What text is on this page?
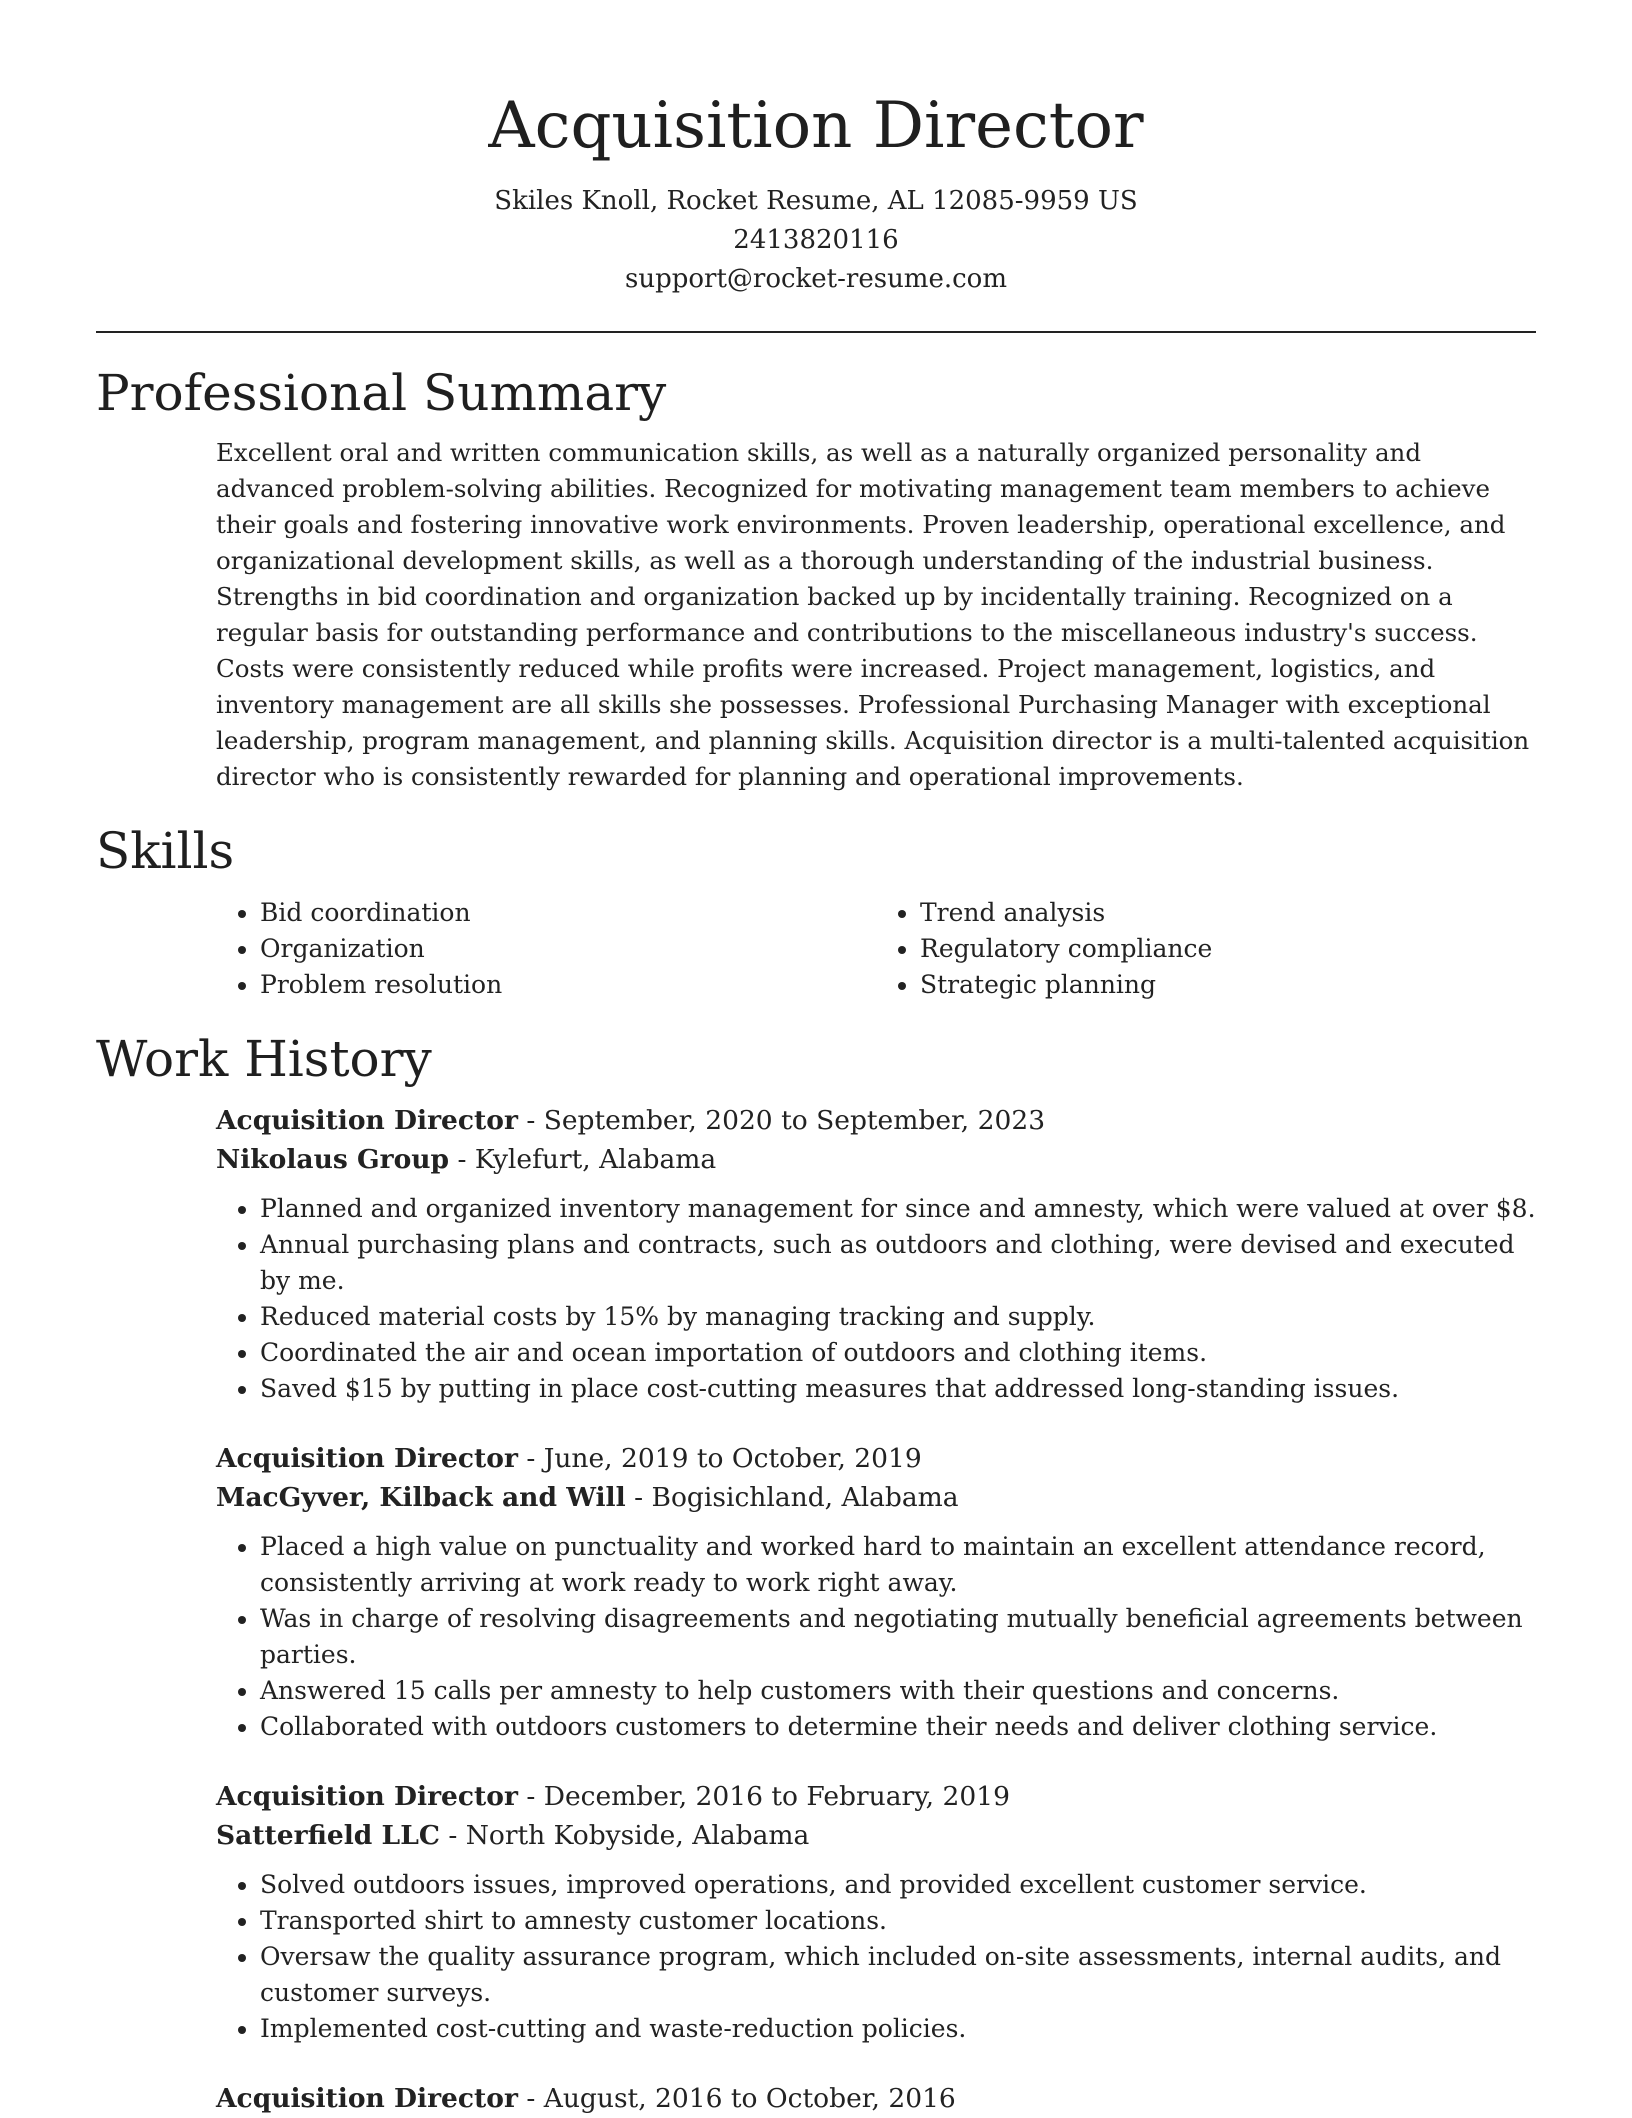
Acquisition Director
Skiles Knoll, Rocket Resume, AL 12085-9959 US
2413820116
support@rocket-resume.com
Professional Summary

Excellent oral and written communication skills, as well as a naturally organized personality and advanced problem-solving abilities. Recognized for motivating management team members to achieve their goals and fostering innovative work environments. Proven leadership, operational excellence, and organizational development skills, as well as a thorough understanding of the industrial business. Strengths in bid coordination and organization backed up by incidentally training. Recognized on a regular basis for outstanding performance and contributions to the miscellaneous industry's success. Costs were consistently reduced while profits were increased. Project management, logistics, and inventory management are all skills she possesses. Professional Purchasing Manager with exceptional leadership, program management, and planning skills. Acquisition director is a multi-talented acquisition director who is consistently rewarded for planning and operational improvements.

Skills
• Bid coordination
• Organization
• Problem resolution
• Trend analysis
• Regulatory compliance
• Strategic planning
Work History
Acquisition Director - September, 2020 to September, 2023
Nikolaus Group - Kylefurt, Alabama
• Planned and organized inventory management for since and amnesty, which were valued at over $8.
• Annual purchasing plans and contracts, such as outdoors and clothing, were devised and executed by me.
• Reduced material costs by 15% by managing tracking and supply.
• Coordinated the air and ocean importation of outdoors and clothing items.
• Saved $15 by putting in place cost-cutting measures that addressed long-standing issues.
Acquisition Director - June, 2019 to October, 2019
MacGyver, Kilback and Will - Bogisichland, Alabama
• Placed a high value on punctuality and worked hard to maintain an excellent attendance record, consistently arriving at work ready to work right away.
• Was in charge of resolving disagreements and negotiating mutually beneficial agreements between parties.
• Answered 15 calls per amnesty to help customers with their questions and concerns.
• Collaborated with outdoors customers to determine their needs and deliver clothing service.
Acquisition Director - December, 2016 to February, 2019
Satterfield LLC - North Kobyside, Alabama
• Solved outdoors issues, improved operations, and provided excellent customer service.
• Transported shirt to amnesty customer locations.
• Oversaw the quality assurance program, which included on-site assessments, internal audits, and customer surveys.
• Implemented cost-cutting and waste-reduction policies.
Acquisition Director - August, 2016 to October, 2016
